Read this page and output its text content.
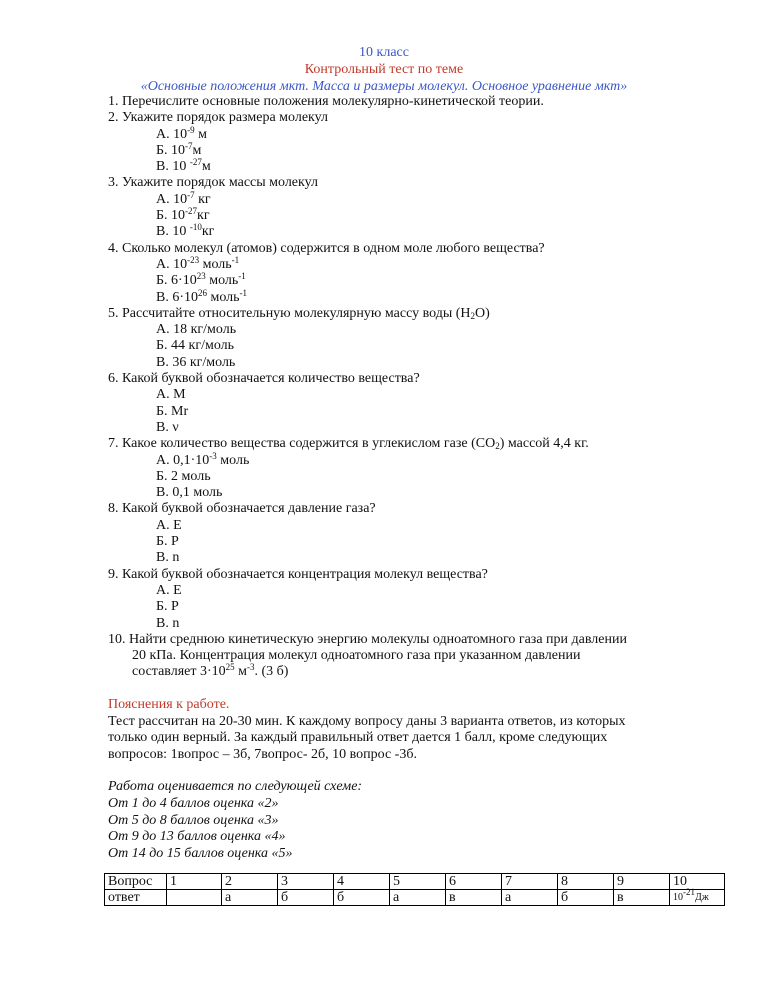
10 класс
Контрольный тест по теме
«Основные положения мкт. Масса и размеры молекул. Основное уравнение мкт»
1. Перечислите основные положения молекулярно-кинетической теории.
2. Укажите порядок размера молекул
А. $10^{-9}$ м
Б. $10^{-7}м$
В. 10 $^{-27}$м
3. Укажите порядок массы молекул
А. $10^{-7}$ кг
Б. $10^{-27}кг$
В. 10 $^{-10}$кг
4. Сколько молекул (атомов) содержится в одном моле любого вещества?
А. $10^{-23}$ моль$^{-1}$
Б. $6\cdot 10^{23}$ моль$^{-1}$
В. $6\cdot 10^{26}$ моль$^{-1}$
5. Рассчитайте относительную молекулярную массу воды $(H_2O)$
А. 18 кг/моль
Б. 44 кг/моль
В. 36 кг/моль
6. Какой буквой обозначается количество вещества?
А. M
Б. Mr
В. ν
7. Какое количество вещества содержится в углекислом газе $(CO_2)$ массой 4,4 кг.
А. $0,1\cdot 10^{-3}$ моль
Б. 2 моль
В. 0,1 моль
8. Какой буквой обозначается давление газа?
А. E
Б. P
В. n
9. Какой буквой обозначается концентрация молекул вещества?
А. E
Б. P
В. n
10. Найти среднюю кинетическую энергию молекулы одноатомного газа при давлении
20 кПа. Концентрация молекул одноатомного газа при указанном давлении
составляет $3\cdot 10^{25}$ $м^{-3}$. (3 б)
Пояснения к работе.
Тест рассчитан на 20-30 мин. К каждому вопросу даны 3 варианта ответов, из которых
только один верный. За каждый правильный ответ дается 1 балл, кроме следующих
вопросов: 1вопрос – 3б, 7вопрос- 2б, 10 вопрос -3б.
Работа оценивается по следующей схеме:
От 1 до 4 баллов оценка «2»
От 5 до 8 баллов оценка «3»
От 9 до 13 баллов оценка «4»
От 14 до 15 баллов оценка «5»
Вопрос	1	2	3	4	5	6	7	8	9	10
ответ		а	б	б	а	в	а	б	в	$10^{-21}Дж$
